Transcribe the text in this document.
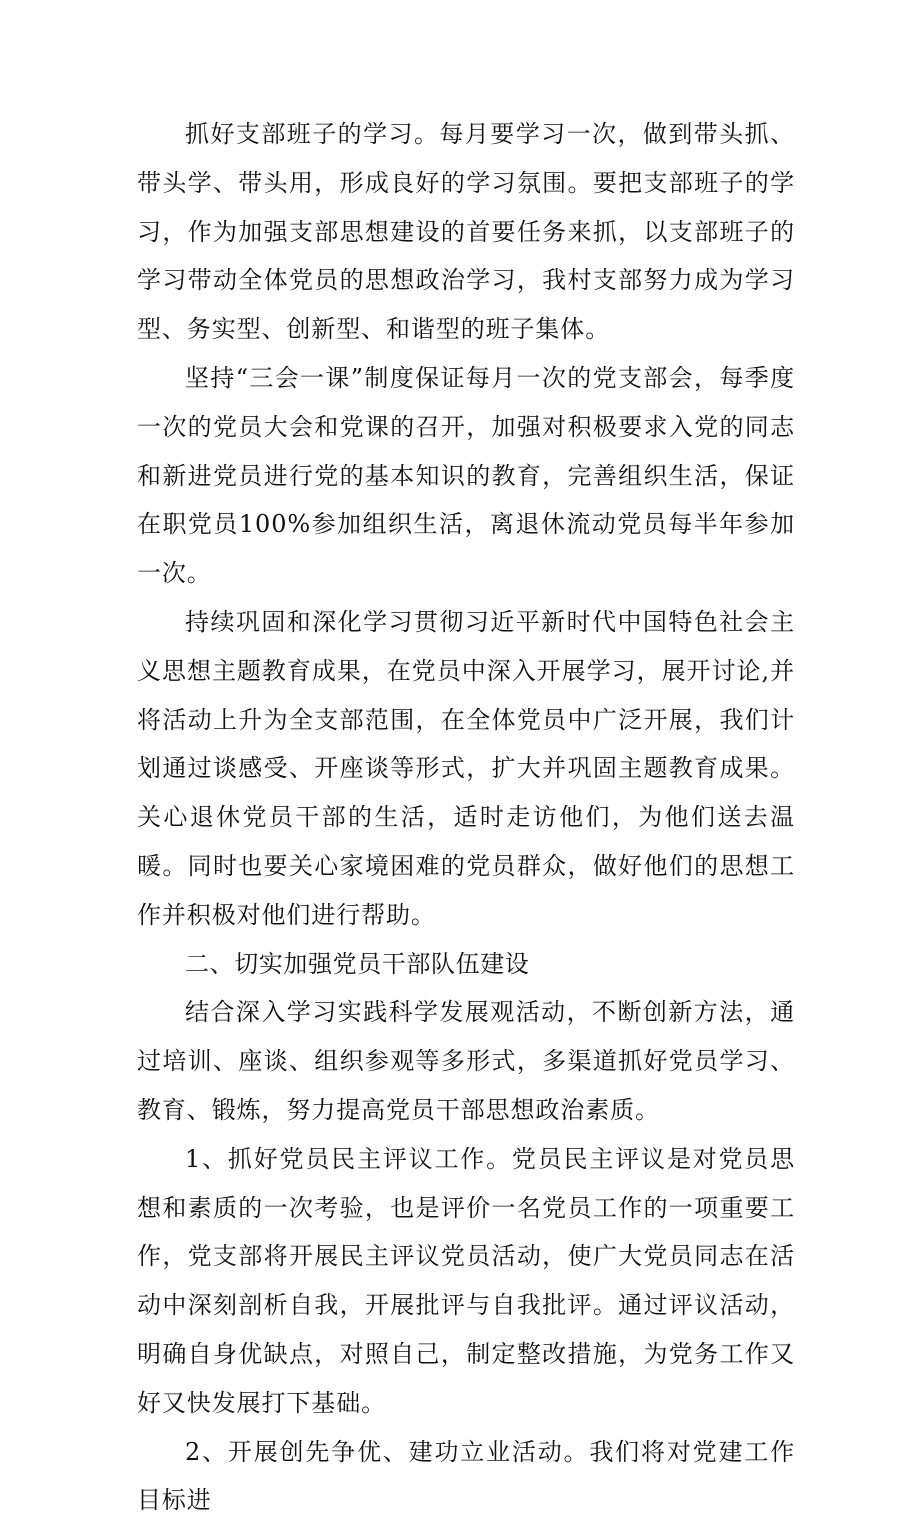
抓好支部班子的学习。每月要学习一次，做到带头抓、带头学、带头用，形成良好的学习氛围。要把支部班子的学习，作为加强支部思想建设的首要任务来抓，以支部班子的学习带动全体党员的思想政治学习，我村支部努力成为学习型、务实型、创新型、和谐型的班子集体。

坚持“三会一课”制度保证每月一次的党支部会，每季度一次的党员大会和党课的召开，加强对积极要求入党的同志和新进党员进行党的基本知识的教育，完善组织生活，保证在职党员100%参加组织生活，离退休流动党员每半年参加一次。

持续巩固和深化学习贯彻习近平新时代中国特色社会主义思想主题教育成果，在党员中深入开展学习，展开讨论,并将活动上升为全支部范围，在全体党员中广泛开展，我们计划通过谈感受、开座谈等形式，扩大并巩固主题教育成果。关心退休党员干部的生活，适时走访他们，为他们送去温暖。同时也要关心家境困难的党员群众，做好他们的思想工作并积极对他们进行帮助。

二、切实加强党员干部队伍建设

结合深入学习实践科学发展观活动，不断创新方法，通过培训、座谈、组织参观等多形式，多渠道抓好党员学习、教育、锻炼，努力提高党员干部思想政治素质。

1、抓好党员民主评议工作。党员民主评议是对党员思想和素质的一次考验，也是评价一名党员工作的一项重要工作，党支部将开展民主评议党员活动，使广大党员同志在活动中深刻剖析自我，开展批评与自我批评。通过评议活动，明确自身优缺点，对照自己，制定整改措施，为党务工作又好又快发展打下基础。

2、开展创先争优、建功立业活动。我们将对党建工作目标进
